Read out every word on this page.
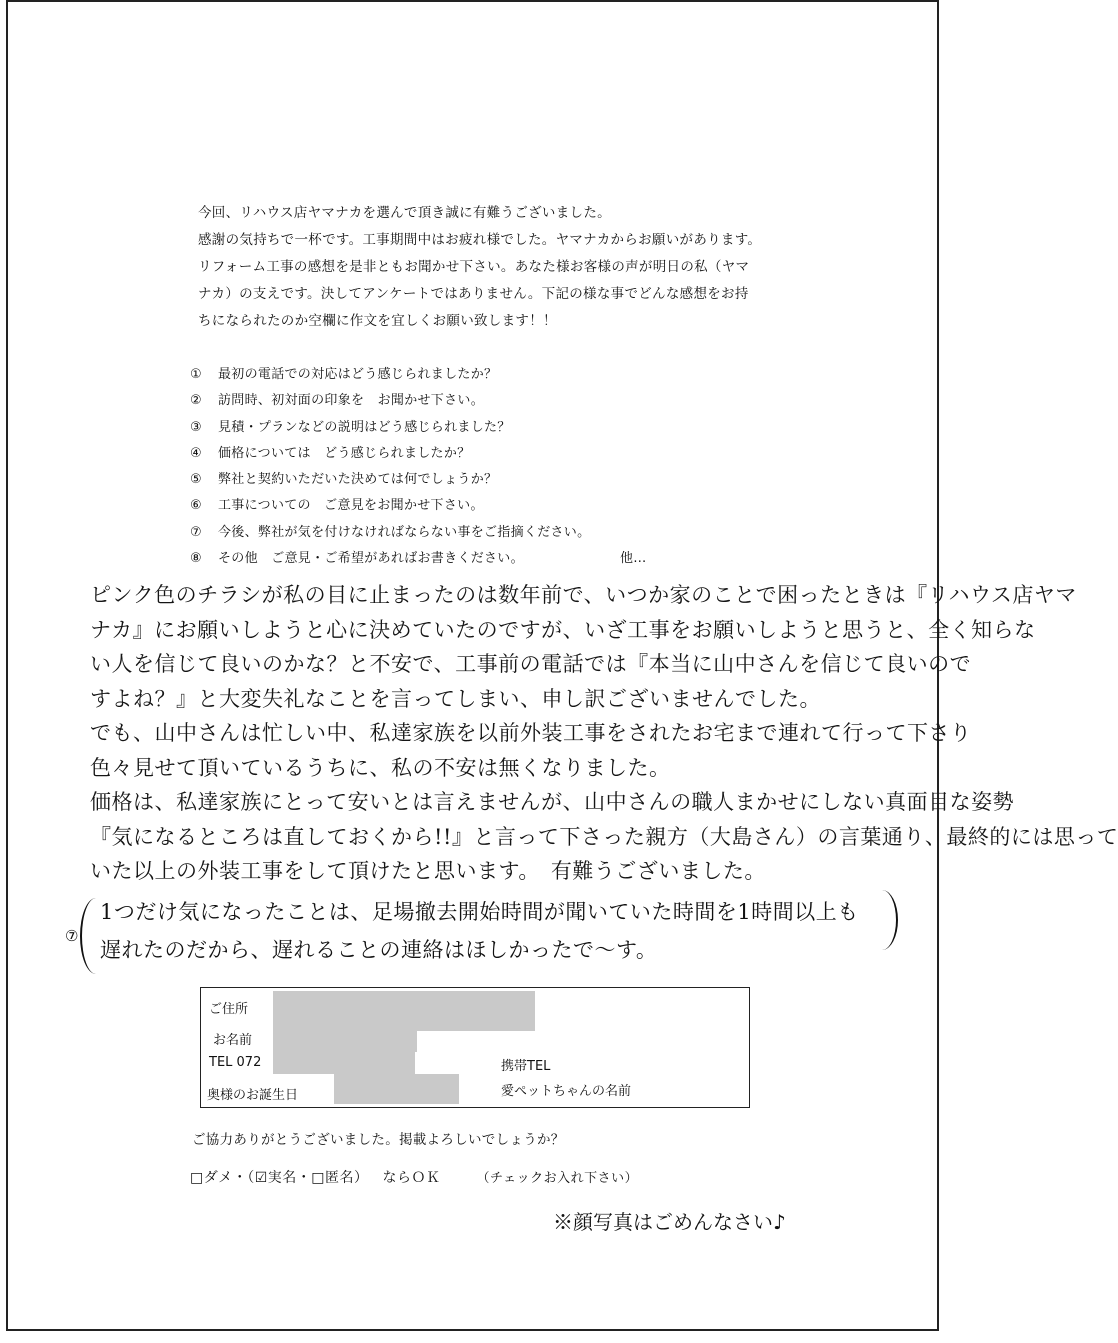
今回、リハウス店ヤマナカを選んで頂き誠に有難うございました。
感謝の気持ちで一杯です。工事期間中はお疲れ様でした。ヤマナカからお願いがあります。
リフォーム工事の感想を是非ともお聞かせ下さい。あなた様お客様の声が明日の私（ヤマ
ナカ）の支えです。決してアンケートではありません。下記の様な事でどんな感想をお持
ちになられたのか空欄に作文を宜しくお願い致します！！
① 最初の電話での対応はどう感じられましたか？
② 訪問時、初対面の印象を　お聞かせ下さい。
③ 見積・プランなどの説明はどう感じられました？
④ 価格については　どう感じられましたか？
⑤ 弊社と契約いただいた決めては何でしょうか？
⑥ 工事についての　ご意見をお聞かせ下さい。
⑦ 今後、弊社が気を付けなければならない事をご指摘ください。
⑧ その他　ご意見・ご希望があればお書きください。	他…
ピンク色のチラシが私の目に止まったのは数年前で、いつか家のことで困ったときは『リハウス店ヤマ
ナカ』にお願いしようと心に決めていたのですが、いざ工事をお願いしようと思うと、全く知らな
い人を信じて良いのかな？と不安で、工事前の電話では『本当に山中さんを信じて良いので
すよね？』と大変失礼なことを言ってしまい、申し訳ございませんでした。
でも、山中さんは忙しい中、私達家族を以前外装工事をされたお宅まで連れて行って下さり
色々見せて頂いているうちに、私の不安は無くなりました。
価格は、私達家族にとって安いとは言えませんが、山中さんの職人まかせにしない真面目な姿勢
『気になるところは直しておくから!!』と言って下さった親方（大島さん）の言葉通り、最終的には思って
いた以上の外装工事をして頂けたと思います。　有難うございました。
⑦
1つだけ気になったことは、足場撤去開始時間が聞いていた時間を1時間以上も
遅れたのだから、遅れることの連絡はほしかったで〜す。
ご住所
お名前
TEL 072	携帯TEL
奥様のお誕生日	愛ペットちゃんの名前
ご協力ありがとうございました。掲載よろしいでしょうか？
□ダメ・（☑実名・□匿名） ならＯＫ	（チェックお入れ下さい）
※顔写真はごめんなさい♪
